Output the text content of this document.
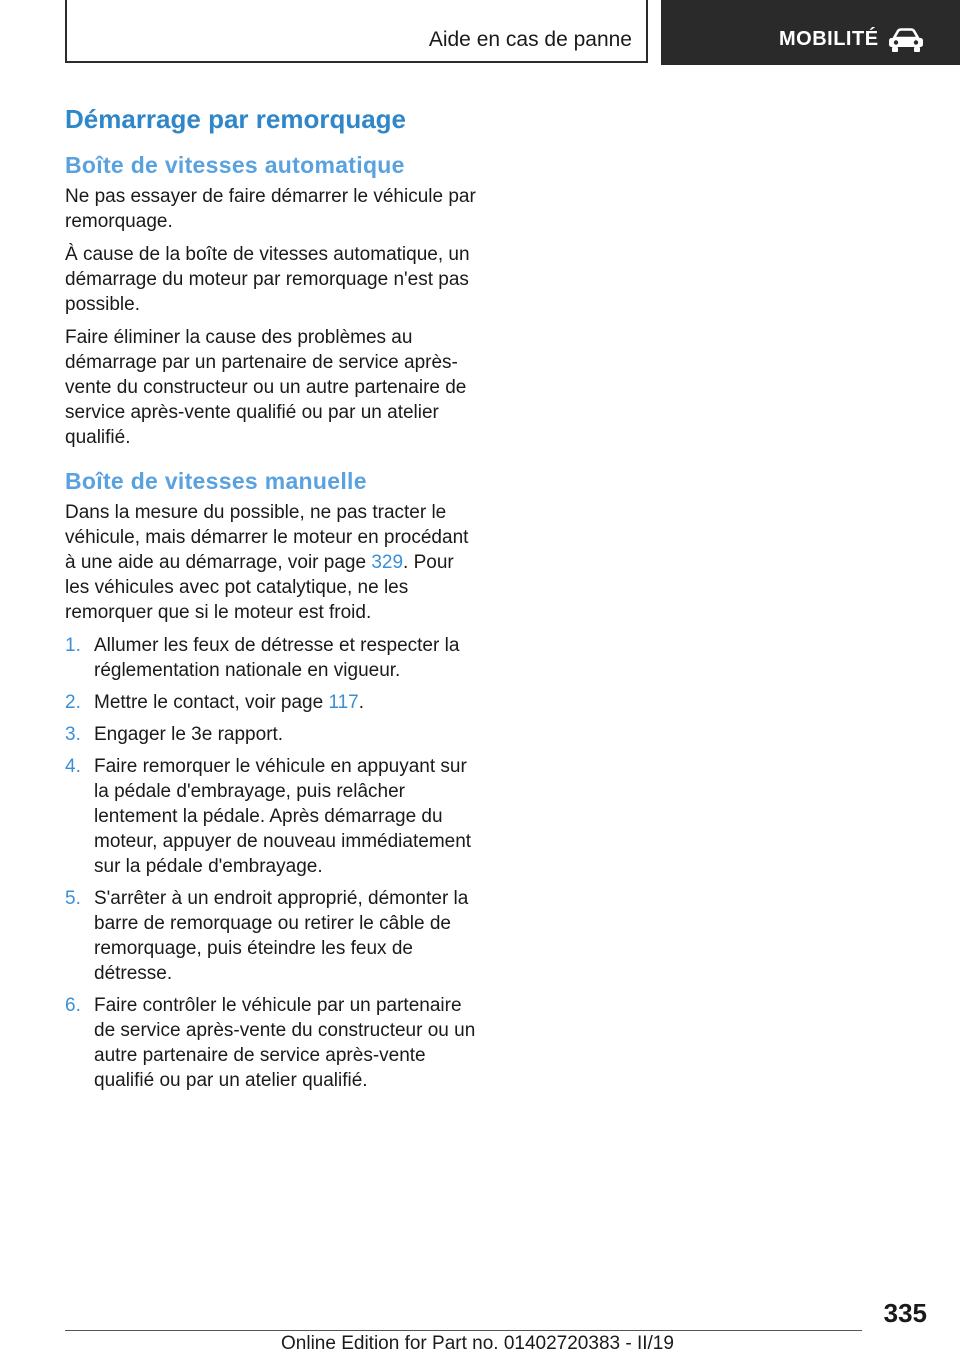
Aide en cas de panne	MOBILITÉ
Démarrage par remorquage
Boîte de vitesses automatique

Ne pas essayer de faire démarrer le véhicule par remorquage.

À cause de la boîte de vitesses automatique, un démarrage du moteur par remorquage n'est pas possible.

Faire éliminer la cause des problèmes au démarrage par un partenaire de service après-vente du constructeur ou un autre partenaire de service après-vente qualifié ou par un atelier qualifié.

Boîte de vitesses manuelle

Dans la mesure du possible, ne pas tracter le véhicule, mais démarrer le moteur en procédant à une aide au démarrage, voir page 329. Pour les véhicules avec pot catalytique, ne les remorquer que si le moteur est froid.

1. Allumer les feux de détresse et respecter la réglementation nationale en vigueur.
2. Mettre le contact, voir page 117.
3. Engager le 3e rapport.
4. Faire remorquer le véhicule en appuyant sur la pédale d'embrayage, puis relâcher lentement la pédale. Après démarrage du moteur, appuyer de nouveau immédiatement sur la pédale d'embrayage.
5. S'arrêter à un endroit approprié, démonter la barre de remorquage ou retirer le câble de remorquage, puis éteindre les feux de détresse.
6. Faire contrôler le véhicule par un partenaire de service après-vente du constructeur ou un autre partenaire de service après-vente qualifié ou par un atelier qualifié.
335
Online Edition for Part no. 01402720383 - II/19
